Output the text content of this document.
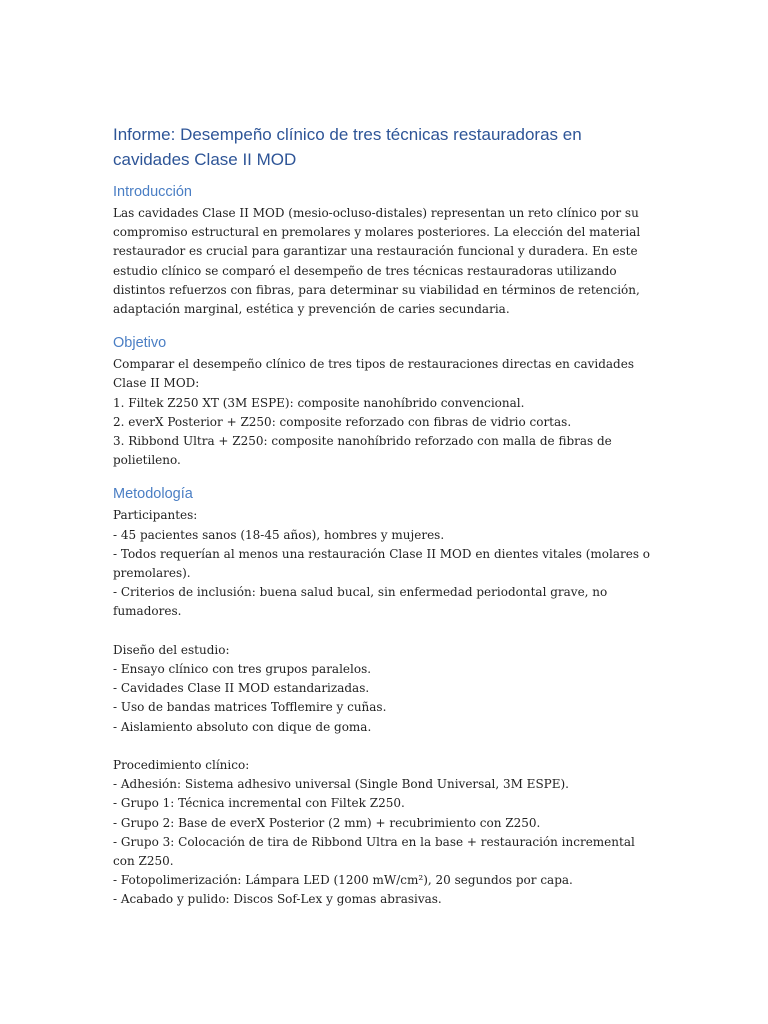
Informe: Desempeño clínico de tres técnicas restauradoras en cavidades Clase II MOD
Introducción

Las cavidades Clase II MOD (mesio-ocluso-distales) representan un reto clínico por su compromiso estructural en premolares y molares posteriores. La elección del material restaurador es crucial para garantizar una restauración funcional y duradera. En este estudio clínico se comparó el desempeño de tres técnicas restauradoras utilizando distintos refuerzos con fibras, para determinar su viabilidad en términos de retención, adaptación marginal, estética y prevención de caries secundaria.

Objetivo
Comparar el desempeño clínico de tres tipos de restauraciones directas en cavidades Clase II MOD:
1. Filtek Z250 XT (3M ESPE): composite nanohíbrido convencional.
2. everX Posterior + Z250: composite reforzado con fibras de vidrio cortas.
3. Ribbond Ultra + Z250: composite nanohíbrido reforzado con malla de fibras de polietileno.
Metodología
Participantes:
- 45 pacientes sanos (18-45 años), hombres y mujeres.
- Todos requerían al menos una restauración Clase II MOD en dientes vitales (molares o premolares).
- Criterios de inclusión: buena salud bucal, sin enfermedad periodontal grave, no fumadores.
Diseño del estudio:
- Ensayo clínico con tres grupos paralelos.
- Cavidades Clase II MOD estandarizadas.
- Uso de bandas matrices Tofflemire y cuñas.
- Aislamiento absoluto con dique de goma.
Procedimiento clínico:
- Adhesión: Sistema adhesivo universal (Single Bond Universal, 3M ESPE).
- Grupo 1: Técnica incremental con Filtek Z250.
- Grupo 2: Base de everX Posterior (2 mm) + recubrimiento con Z250.
- Grupo 3: Colocación de tira de Ribbond Ultra en la base + restauración incremental con Z250.
- Fotopolimerización: Lámpara LED (1200 mW/cm²), 20 segundos por capa.
- Acabado y pulido: Discos Sof-Lex y gomas abrasivas.
